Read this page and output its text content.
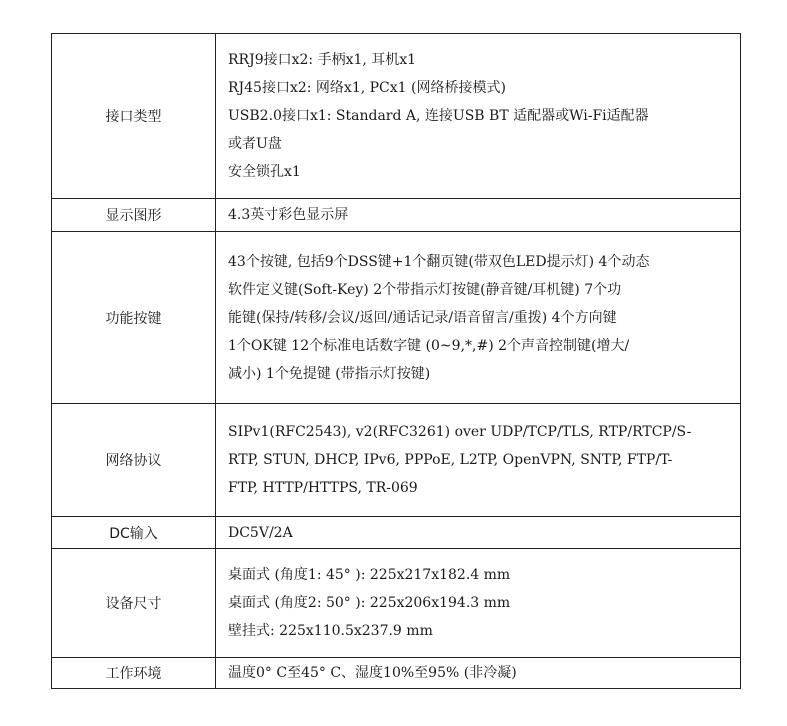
接口类型	RRJ9接口x2: 手柄x1, 耳机x1
RJ45接口x2: 网络x1, PCx1 (网络桥接模式)
USB2.0接口x1: Standard A, 连接USB BT 适配器或Wi-Fi适配器
或者U盘
安全锁孔x1

显示图形	4.3英寸彩色显示屏

功能按键	43个按键, 包括9个DSS键+1个翻页键(带双色LED提示灯) 4个动态
软件定义键(Soft-Key) 2个带指示灯按键(静音键/耳机键) 7个功
能键(保持/转移/会议/返回/通话记录/语音留言/重拨) 4个方向键
1个OK键 12个标准电话数字键 (0~9,*,#) 2个声音控制键(增大/
减小) 1个免提键 (带指示灯按键)

网络协议	SIPv1(RFC2543), v2(RFC3261) over UDP/TCP/TLS, RTP/RTCP/S-
RTP, STUN, DHCP, IPv6, PPPoE, L2TP, OpenVPN, SNTP, FTP/T-
FTP, HTTP/HTTPS, TR-069

DC输入	DC5V/2A

设备尺寸	桌面式 (角度1: 45° ): 225x217x182.4 mm
桌面式 (角度2: 50° ): 225x206x194.3 mm
壁挂式: 225x110.5x237.9 mm

工作环境	温度0° C至45° C、湿度10%至95% (非冷凝)
